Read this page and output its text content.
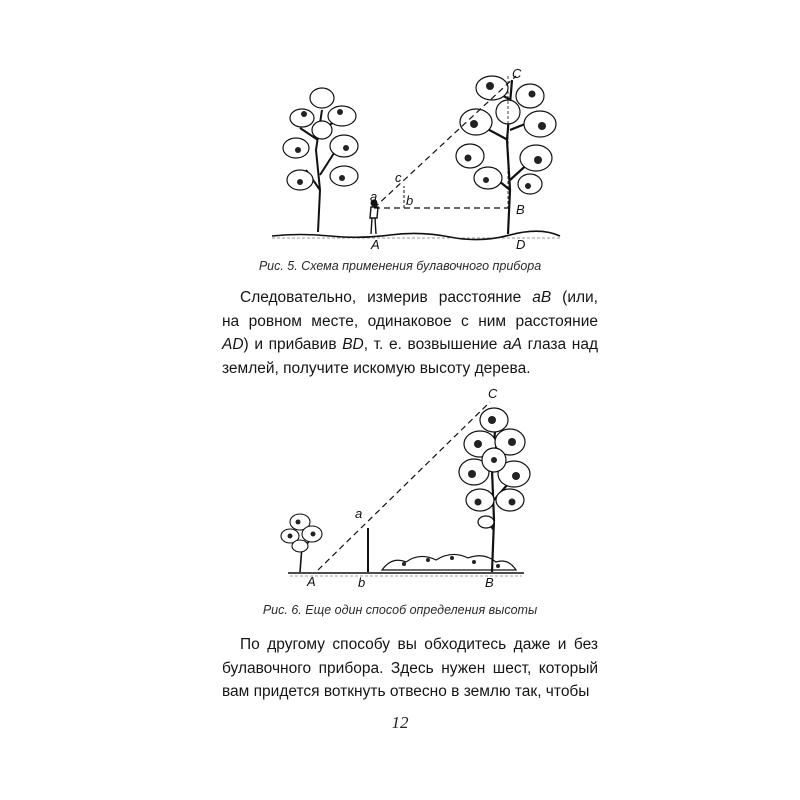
C
c
a b
B
A	D
Рис. 5. Схема применения булавочного прибора

Следовательно, измерив расстояние aB (или,
на ровном месте, одинаковое с ним расстояние
AD) и прибавив BD, т. е. возвышение aA глаза над
землей, получите искомую высоту дерева.

C
a
A	b	B
Рис. 6. Еще один способ определения высоты

По другому способу вы обходитесь даже и без
булавочного прибора. Здесь нужен шест, который
вам придется воткнуть отвесно в землю так, чтобы

12
